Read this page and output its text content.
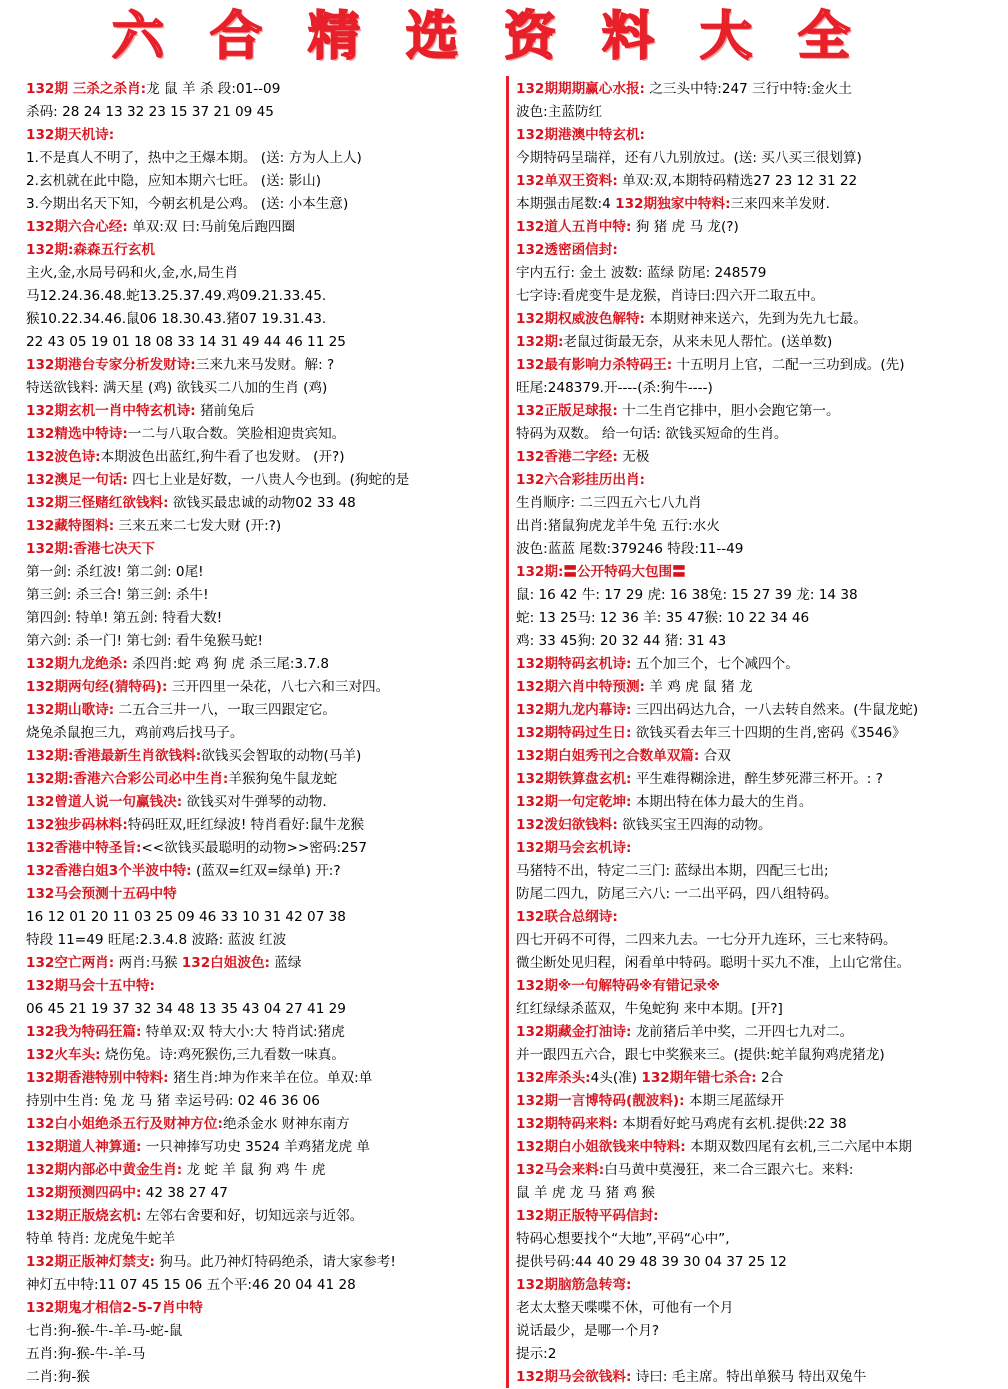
六合精选资料大全
132期 三杀之杀肖:龙 鼠 羊 杀 段:01--09
杀码: 28 24 13 32 23 15 37 21 09 45
132期天机诗:
1.不是真人不明了，热中之王爆本期。 (送: 方为人上人)
2.玄机就在此中隐，应知本期六七旺。 (送: 影山)
3.今期出名天下知，今朝玄机是公鸡。 (送: 小本生意)
132期六合心经: 单双:双 曰:马前兔后跑四圈
132期:森森五行玄机
主火,金,水局号码和火,金,水,局生肖
马12.24.36.48.蛇13.25.37.49.鸡09.21.33.45.
猴10.22.34.46.鼠06 18.30.43.猪07 19.31.43.
22 43 05 19 01 18 08 33 14 31 49 44 46 11 25
132期港台专家分析发财诗:三来九来马发财。解: ?
特送欲钱料: 满天星 (鸡) 欲钱买二八加的生肖 (鸡)
132期玄机一肖中特玄机诗: 猪前兔后
132精选中特诗:一二与八取合数。笑脸相迎贵宾知。
132波色诗:本期波色出蓝红,狗牛看了也发财。 (开?)
132澳足一句话: 四七上业是好数，一八贵人今也到。(狗蛇的是
132期三怪赌红欲钱料: 欲钱买最忠诚的动物02 33 48
132藏特图料: 三来五来二七发大财 (开:?)
132期:香港七决天下
第一剑: 杀红波! 第二剑: 0尾!
第三剑: 杀三合! 第三剑: 杀牛!
第四剑: 特单! 第五剑: 特看大数!
第六剑: 杀一门! 第七剑: 看牛兔猴马蛇!
132期九龙绝杀: 杀四肖:蛇 鸡 狗 虎 杀三尾:3.7.8
132期两句经(猜特码): 三开四里一朵花，八七六和三对四。
132期山歌诗: 二五合三井一八，一取三四跟定它。
烧兔杀鼠抱三九，鸡前鸡后找马子。
132期:香港最新生肖欲钱料:欲钱买会智取的动物(马羊)
132期:香港六合彩公司必中生肖:羊猴狗兔牛鼠龙蛇
132曾道人说一句赢钱决: 欲钱买对牛弹琴的动物.
132独步码林料:特码旺双,旺红绿波! 特肖看好:鼠牛龙猴
132香港中特圣旨:<<欲钱买最聪明的动物>>密码:257
132香港白姐3个半波中特: (蓝双=红双=绿单) 开:?
132马会预测十五码中特
16 12 01 20 11 03 25 09 46 33 10 31 42 07 38
特段 11=49 旺尾:2.3.4.8 波路: 蓝波 红波
132空亡两肖: 两肖:马猴 132白姐波色: 蓝绿
132期马会十五中特:
06 45 21 19 37 32 34 48 13 35 43 04 27 41 29
132我为特码狂篇: 特单双:双 特大小:大 特肖试:猪虎
132火车头: 烧伤兔。诗:鸡死猴伤,三九看数一味真。
132期香港特别中特料: 猪生肖:坤为作来羊在位。单双:单
持别中生肖: 兔 龙 马 猪 幸运号码: 02 46 36 06
132白小姐绝杀五行及财神方位:绝杀金水 财神东南方
132期道人神算通: 一只神捧写功史 3524 羊鸡猪龙虎 单
132期内部必中黄金生肖: 龙 蛇 羊 鼠 狗 鸡 牛 虎
132期预测四码中: 42 38 27 47
132期正版烧玄机: 左邻右舍要和好，切知远亲与近邻。
特单 特肖: 龙虎兔牛蛇羊
132期正版神灯禁支: 狗马。此乃神灯特码绝杀，请大家参考!
神灯五中特:11 07 45 15 06 五个平:46 20 04 41 28
132期鬼才相信2-5-7肖中特
七肖:狗-猴-牛-羊-马-蛇-鼠
五肖:狗-猴-牛-羊-马
二肖:狗-猴
132期期期赢心水报: 之三头中特:247 三行中特:金火土
波色:主蓝防红
132期港澳中特玄机:
今期特码呈瑞祥，还有八九别放过。(送: 买八买三很划算)
132单双王资料: 单双:双,本期特码精选27 23 12 31 22
本期强击尾数:4 132期独家中特料:三来四来羊发财.
132道人五肖中特: 狗 猪 虎 马 龙(?)
132透密函信封:
宇内五行: 金土 波数: 蓝绿 防尾: 248579
七字诗:看虎变牛是龙猴，肖诗曰:四六开二取五中。
132期权威波色解特: 本期财神来送六，先到为先九七最。
132期:老鼠过街最无奈，从来未见人帮忙。(送单数)
132最有影响力杀特码王: 十五明月上官，二配一三功到成。(先)
旺尾:248379.开----(杀:狗牛----)
132正版足球报: 十二生肖它排中，胆小会跑它第一。
特码为双数。 给一句话: 欲钱买短命的生肖。
132香港二字经: 无极
132六合彩挂历出肖:
生肖顺序: 二三四五六七八九肖
出肖:猪鼠狗虎龙羊牛兔 五行:水火
波色:蓝蓝 尾数:379246 特段:11--49
132期:〓公开特码大包围〓
鼠: 16 42 牛: 17 29 虎: 16 38兔: 15 27 39 龙: 14 38
蛇: 13 25马: 12 36 羊: 35 47猴: 10 22 34 46
鸡: 33 45狗: 20 32 44 猪: 31 43
132期特码玄机诗: 五个加三个，七个减四个。
132期六肖中特预测: 羊 鸡 虎 鼠 猪 龙
132期九龙内幕诗: 三四出码达九合，一八去转自然来。(牛鼠龙蛇)
132期特码过生日: 欲钱买看去年三十四期的生肖,密码《3546》
132期白姐秀刊之合数单双篇: 合双
132期铁算盘玄机: 平生难得糊涂进，醉生梦死滞三杯开。: ?
132期一句定乾坤: 本期出特在体力最大的生肖。
132泼妇欲钱料: 欲钱买宝王四海的动物。
132期马会玄机诗:
马猪特不出，特定二三门: 蓝绿出本期，四配三七出;
防尾二四九，防尾三六八: 一二出平码，四八组特码。
132联合总纲诗:
四七开码不可得，二四来九去。一七分开九连环，三七来特码。
微尘断处见归程，闲看单中特码。聪明十买九不准，上山它常住。
132期※一句解特码※有错记录※
红红绿绿杀蓝双，牛兔蛇狗 来中本期。[开?]
132期藏金打油诗: 龙前猪后羊中奖，二开四七九对二。
并一跟四五六合，跟七中奖猴来三。(提供:蛇羊鼠狗鸡虎猪龙)
132库杀头:4头(准) 132期年错七杀合: 2合
132期一言博特码(靓波料): 本期三尾蓝绿开
132期特码来料: 本期看好蛇马鸡虎有玄机.提供:22 38
132期白小姐欲钱来中特料: 本期双数四尾有玄机,三二六尾中本期
132马会来料:白马黄中莫漫狂，来二合三跟六七。来料:
鼠 羊 虎 龙 马 猪 鸡 猴
132期正版特平码信封:
特码心想要找个“大地”,平码“心中”,
提供号码:44 40 29 48 39 30 04 37 25 12
132期脑筋急转弯:
老太太整天喋喋不休，可他有一个月
说话最少，是哪一个月?
提示:2
132期马会欲钱料: 诗曰: 毛主席。特出单猴马 特出双兔牛
